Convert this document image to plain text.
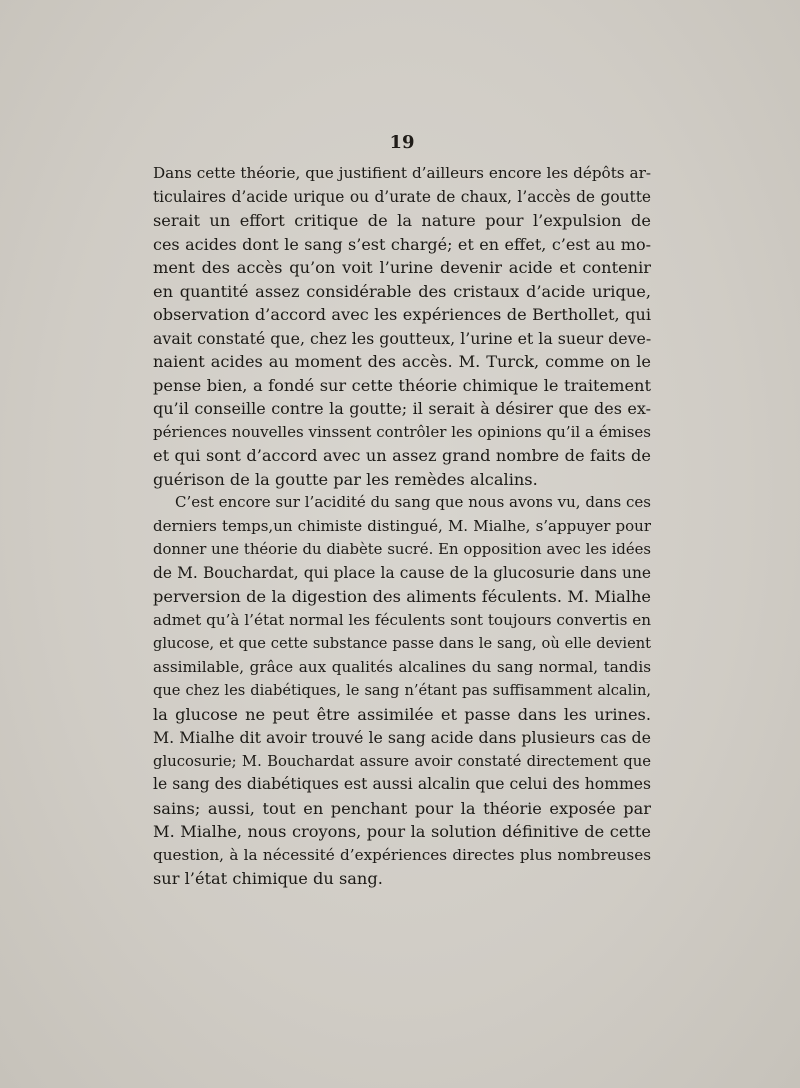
19
Dans cette théorie, que justifient d’ailleurs encore les dépôts ar-
ticulaires d’acide urique ou d’urate de chaux, l’accès de goutte
serait un effort critique de la nature pour l’expulsion de
ces acides dont le sang s’est chargé; et en effet, c’est au mo-
ment des accès qu’on voit l’urine devenir acide et contenir
en quantité assez considérable des cristaux d’acide urique,
observation d’accord avec les expériences de Berthollet, qui
avait constaté que, chez les goutteux, l’urine et la sueur deve-
naient acides au moment des accès. M. Turck, comme on le
pense bien, a fondé sur cette théorie chimique le traitement
qu’il conseille contre la goutte; il serait à désirer que des ex-
périences nouvelles vinssent contrôler les opinions qu’il a émises
et qui sont d’accord avec un assez grand nombre de faits de
guérison de la goutte par les remèdes alcalins.
C’est encore sur l’acidité du sang que nous avons vu, dans ces
derniers temps,un chimiste distingué, M. Mialhe, s’appuyer pour
donner une théorie du diabète sucré. En opposition avec les idées
de M. Bouchardat, qui place la cause de la glucosurie dans une
perversion de la digestion des aliments féculents. M. Mialhe
admet qu’à l’état normal les féculents sont toujours convertis en
glucose, et que cette substance passe dans le sang, où elle devient
assimilable, grâce aux qualités alcalines du sang normal, tandis
que chez les diabétiques, le sang n’étant pas suffisamment alcalin,
la glucose ne peut être assimilée et passe dans les urines.
M. Mialhe dit avoir trouvé le sang acide dans plusieurs cas de
glucosurie; M. Bouchardat assure avoir constaté directement que
le sang des diabétiques est aussi alcalin que celui des hommes
sains; aussi, tout en penchant pour la théorie exposée par
M. Mialhe, nous croyons, pour la solution définitive de cette
question, à la nécessité d’expériences directes plus nombreuses
sur l’état chimique du sang.
